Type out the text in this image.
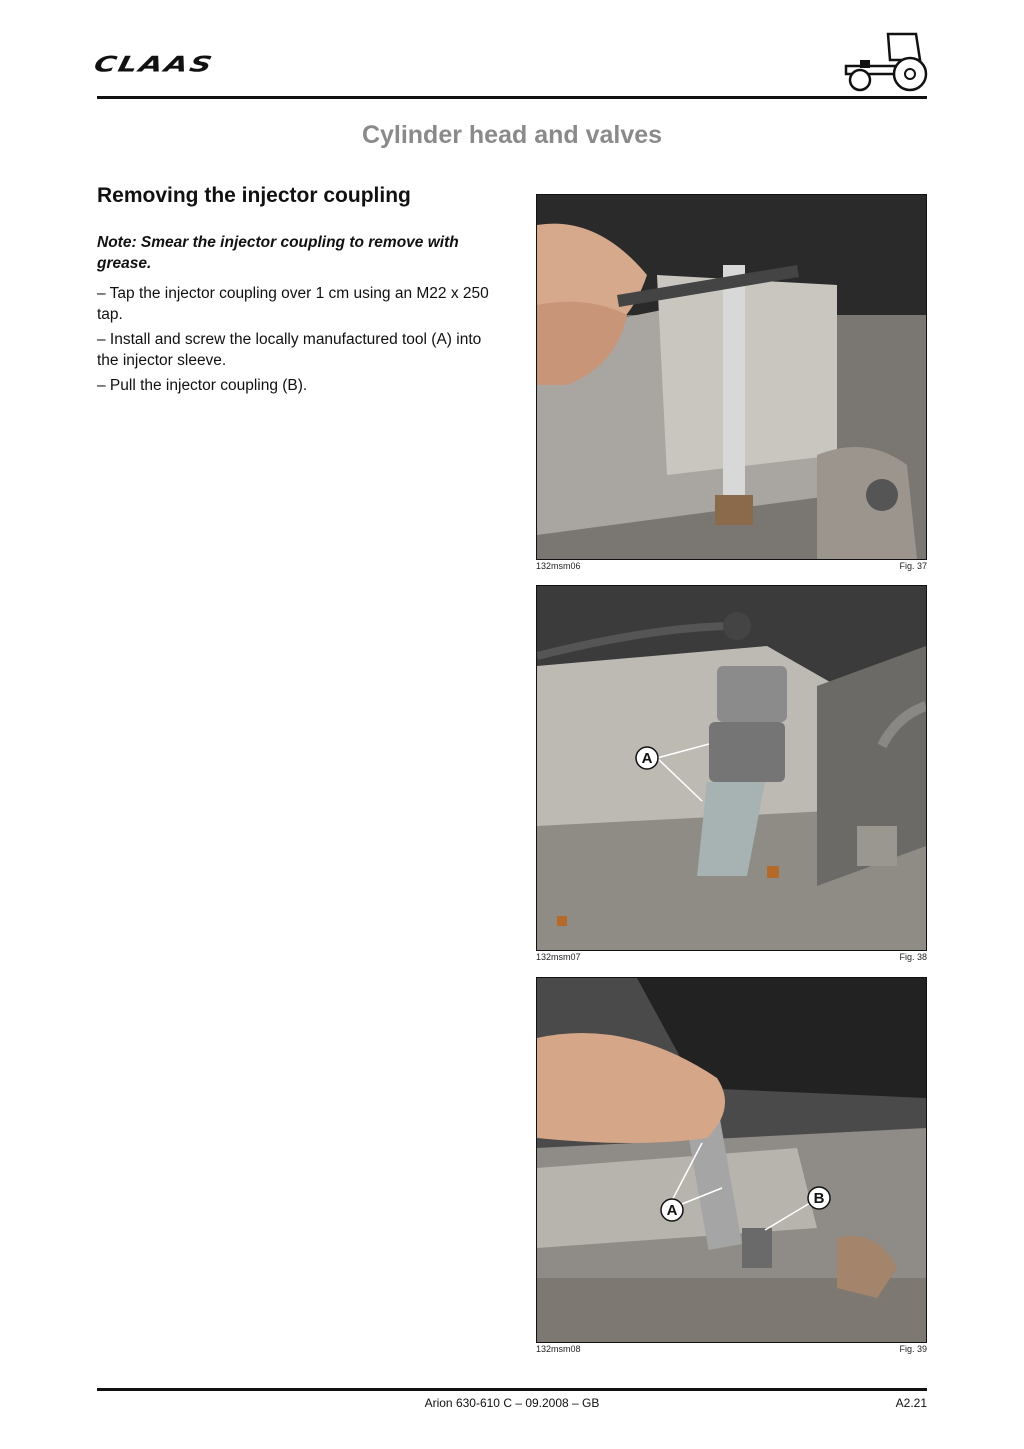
CLAAS
Cylinder head and valves
Removing the injector coupling

Note: Smear the injector coupling to remove with grease.

– Tap the injector coupling over 1 cm using an M22 x 250 tap.

– Install and screw the locally manufactured tool (A) into the injector sleeve.

– Pull the injector coupling (B).

132msm06	Fig. 37
A
132msm07	Fig. 38
A
B
132msm08	Fig. 39
Arion 630-610 C – 09.2008 – GB	A2.21
